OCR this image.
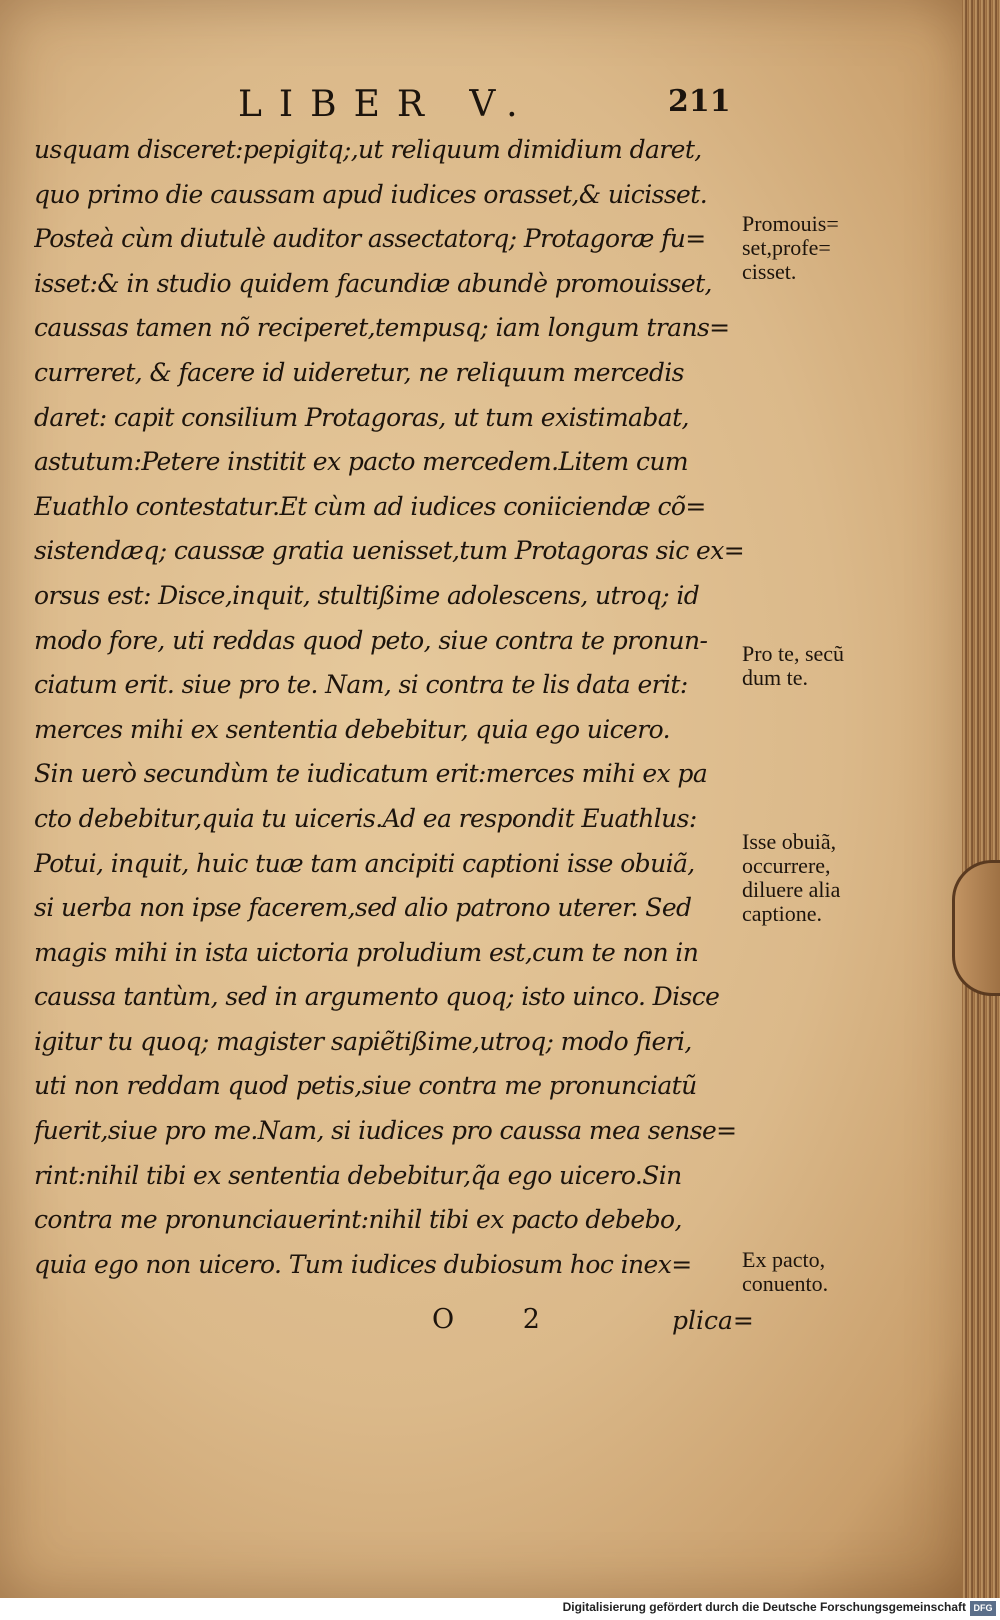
LIBER V.	211
usquam disceret:pepigitq;,ut reliquum dimidium daret,
quo primo die caussam apud iudices orasset,& uicisset.
Posteà cùm diutulè auditor assectatorq; Protagoræ fu=
isset:& in studio quidem facundiæ abundè promouisset,
caussas tamen nõ reciperet,tempusq; iam longum trans=
curreret, & facere id uideretur, ne reliquum mercedis
daret: capit consilium Protagoras, ut tum existimabat,
astutum:Petere institit ex pacto mercedem.Litem cum
Euathlo contestatur.Et cùm ad iudices coniiciendæ cõ=
sistendæq; caussæ gratia uenisset,tum Protagoras sic ex=
orsus est: Disce,inquit, stultißime adolescens, utroq; id
modo fore, uti reddas quod peto, siue contra te pronun-
ciatum erit. siue pro te. Nam, si contra te lis data erit:
merces mihi ex sententia debebitur, quia ego uicero.
Sin uerò secundùm te iudicatum erit:merces mihi ex pa
cto debebitur,quia tu uiceris.Ad ea respondit Euathlus:
Potui, inquit, huic tuæ tam ancipiti captioni isse obuiã,
si uerba non ipse facerem,sed alio patrono uterer. Sed
magis mihi in ista uictoria proludium est,cum te non in
caussa tantùm, sed in argumento quoq; isto uinco. Disce
igitur tu quoq; magister sapiẽtißime,utroq; modo fieri,
uti non reddam quod petis,siue contra me pronunciatũ
fuerit,siue pro me.Nam, si iudices pro caussa mea sense=
rint:nihil tibi ex sententia debebitur,q̃a ego uicero.Sin
contra me pronunciauerint:nihil tibi ex pacto debebo,
quia ego non uicero. Tum iudices dubiosum hoc inex=
Promouis=
set,profe=
cisset.
Pro te, secũ
dum te.
Isse obuiã,
occurrere,
diluere alia
captione.
Ex pacto,
conuento.
O 2	plica=
Digitalisierung gefördert durch die Deutsche Forschungsgemeinschaft DFG
